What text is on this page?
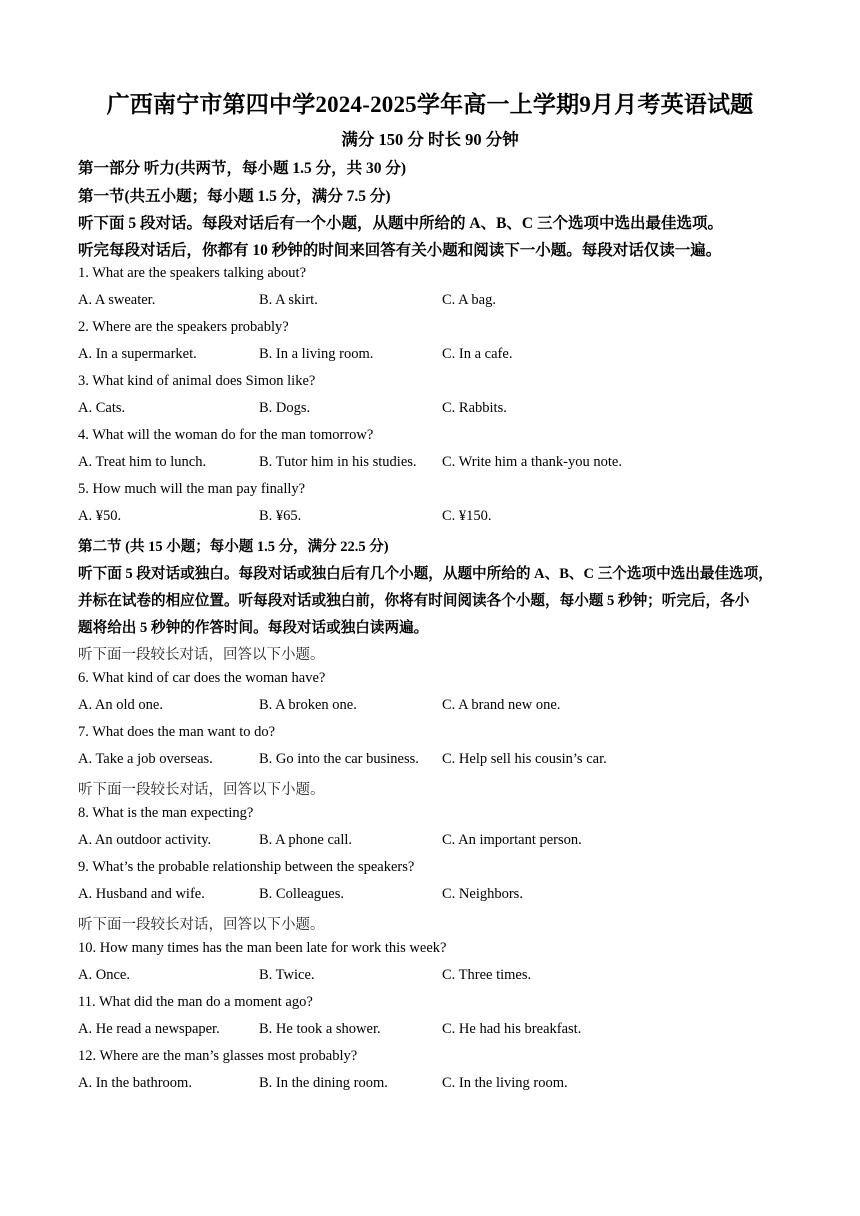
广西南宁市第四中学2024-2025学年高一上学期9月月考英语试题
满分 150 分 时长 90 分钟
第一部分 听力(共两节，每小题 1.5 分，共 30 分)
第一节(共五小题；每小题 1.5 分，满分 7.5 分)
听下面 5 段对话。每段对话后有一个小题，从题中所给的 A、B、C 三个选项中选出最佳选项。
听完每段对话后，你都有 10 秒钟的时间来回答有关小题和阅读下一小题。每段对话仅读一遍。
1. What are the speakers talking about?
A. A sweater.	B. A skirt.	C. A bag.
2. Where are the speakers probably?
A. In a supermarket.	B. In a living room.	C. In a cafe.
3. What kind of animal does Simon like?
A. Cats.	B. Dogs.	C. Rabbits.
4. What will the woman do for the man tomorrow?
A. Treat him to lunch.	B. Tutor him in his studies. C. Write him a thank-you note.
5. How much will the man pay finally?
A. ¥50.	B. ¥65.	C. ¥150.
第二节 (共 15 小题；每小题 1.5 分，满分 22.5 分)
听下面 5 段对话或独白。每段对话或独白后有几个小题，从题中所给的 A、B、C 三个选项中选出最佳选项，
并标在试卷的相应位置。听每段对话或独白前，你将有时间阅读各个小题，每小题 5 秒钟；听完后，各小
题将给出 5 秒钟的作答时间。每段对话或独白读两遍。
听下面一段较长对话，回答以下小题。
6. What kind of car does the woman have?
A. An old one.	B. A broken one.	C. A brand new one.
7. What does the man want to do?
A. Take a job overseas.	B. Go into the car business. C. Help sell his cousin’s car.
听下面一段较长对话，回答以下小题。
8. What is the man expecting?
A. An outdoor activity.	B. A phone call.	C. An important person.
9. What’s the probable relationship between the speakers?
A. Husband and wife.	B. Colleagues.	C. Neighbors.
听下面一段较长对话，回答以下小题。
10. How many times has the man been late for work this week?
A. Once.	B. Twice.	C. Three times.
11. What did the man do a moment ago?
A. He read a newspaper.	B. He took a shower.	C. He had his breakfast.
12. Where are the man’s glasses most probably?
A. In the bathroom.	B. In the dining room.	C. In the living room.
